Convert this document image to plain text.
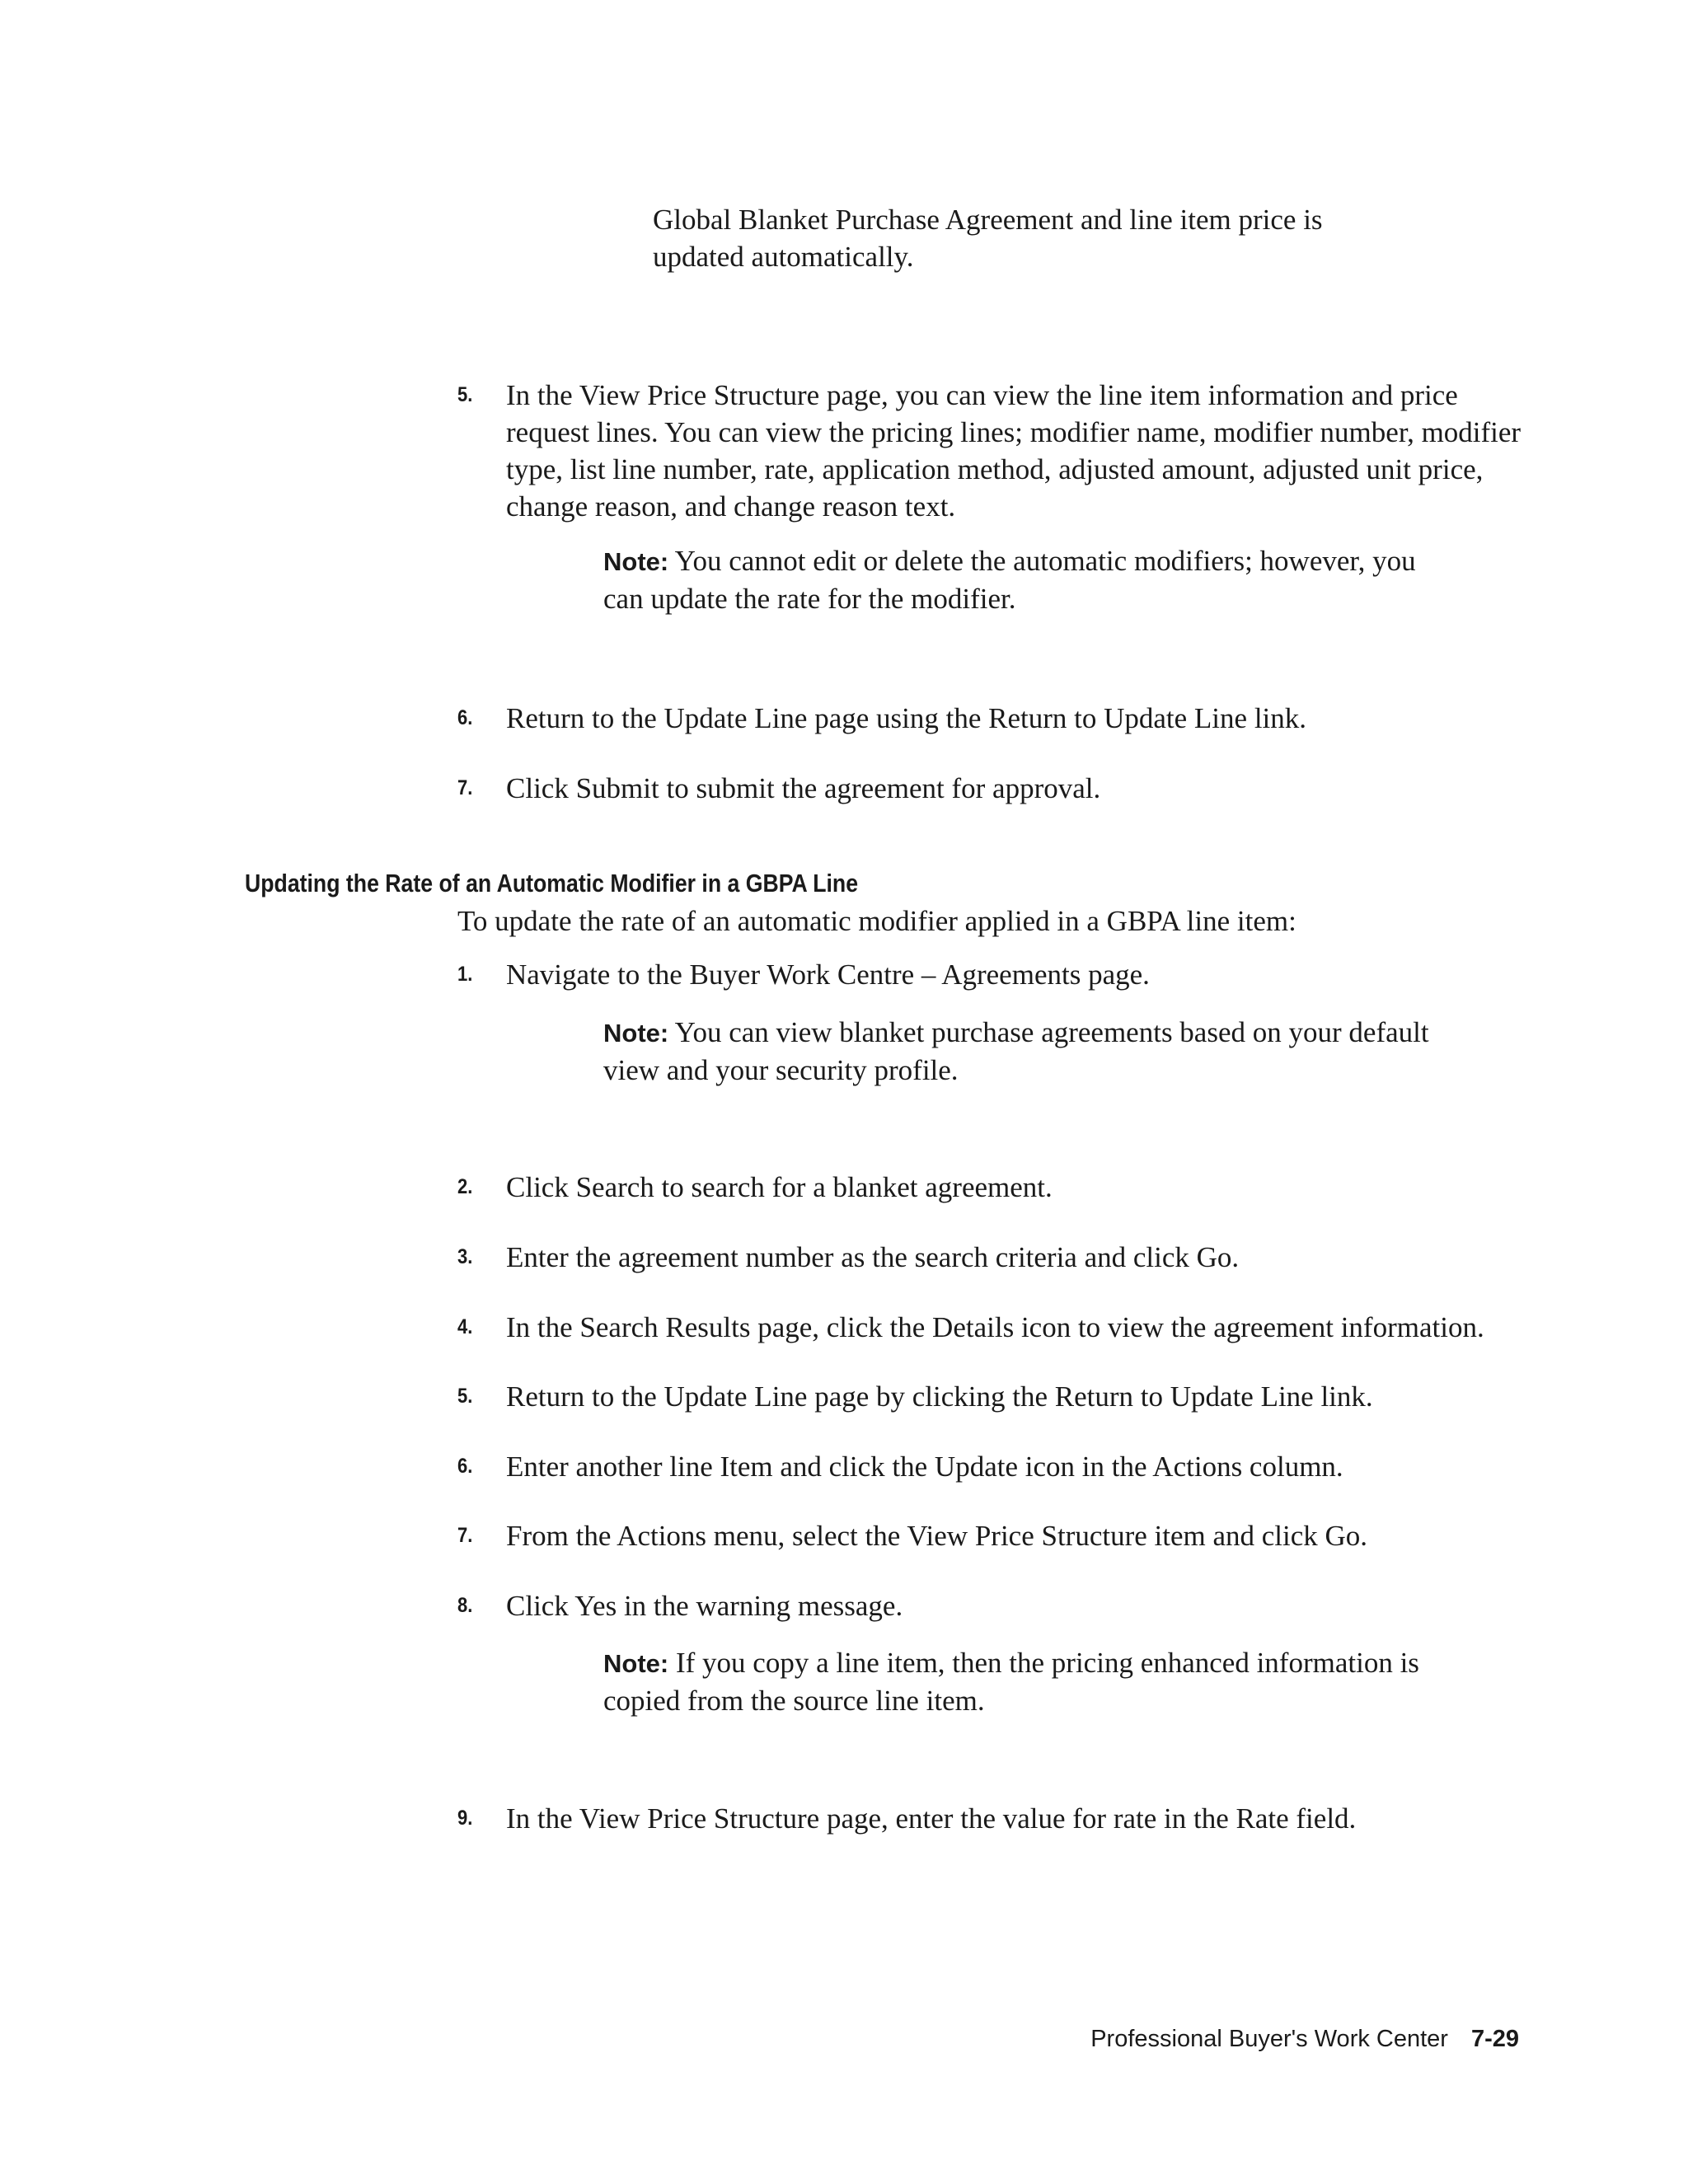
Global Blanket Purchase Agreement and line item price is updated automatically.
5.	In the View Price Structure page, you can view the line item information and price request lines. You can view the pricing lines; modifier name, modifier number, modifier type, list line number, rate, application method, adjusted amount, adjusted unit price, change reason, and change reason text.
Note: You cannot edit or delete the automatic modifiers; however, you can update the rate for the modifier.
6.	Return to the Update Line page using the Return to Update Line link.
7.	Click Submit to submit the agreement for approval.
Updating the Rate of an Automatic Modifier in a GBPA Line
To update the rate of an automatic modifier applied in a GBPA line item:
1.	Navigate to the Buyer Work Centre – Agreements page.
Note: You can view blanket purchase agreements based on your default view and your security profile.
2.	Click Search to search for a blanket agreement.
3.	Enter the agreement number as the search criteria and click Go.
4.	In the Search Results page, click the Details icon to view the agreement information.
5.	Return to the Update Line page by clicking the Return to Update Line link.
6.	Enter another line Item and click the Update icon in the Actions column.
7.	From the Actions menu, select the View Price Structure item and click Go.
8.	Click Yes in the warning message.
Note: If you copy a line item, then the pricing enhanced information is copied from the source line item.
9.	In the View Price Structure page, enter the value for rate in the Rate field.
Professional Buyer's Work Center 7-29
